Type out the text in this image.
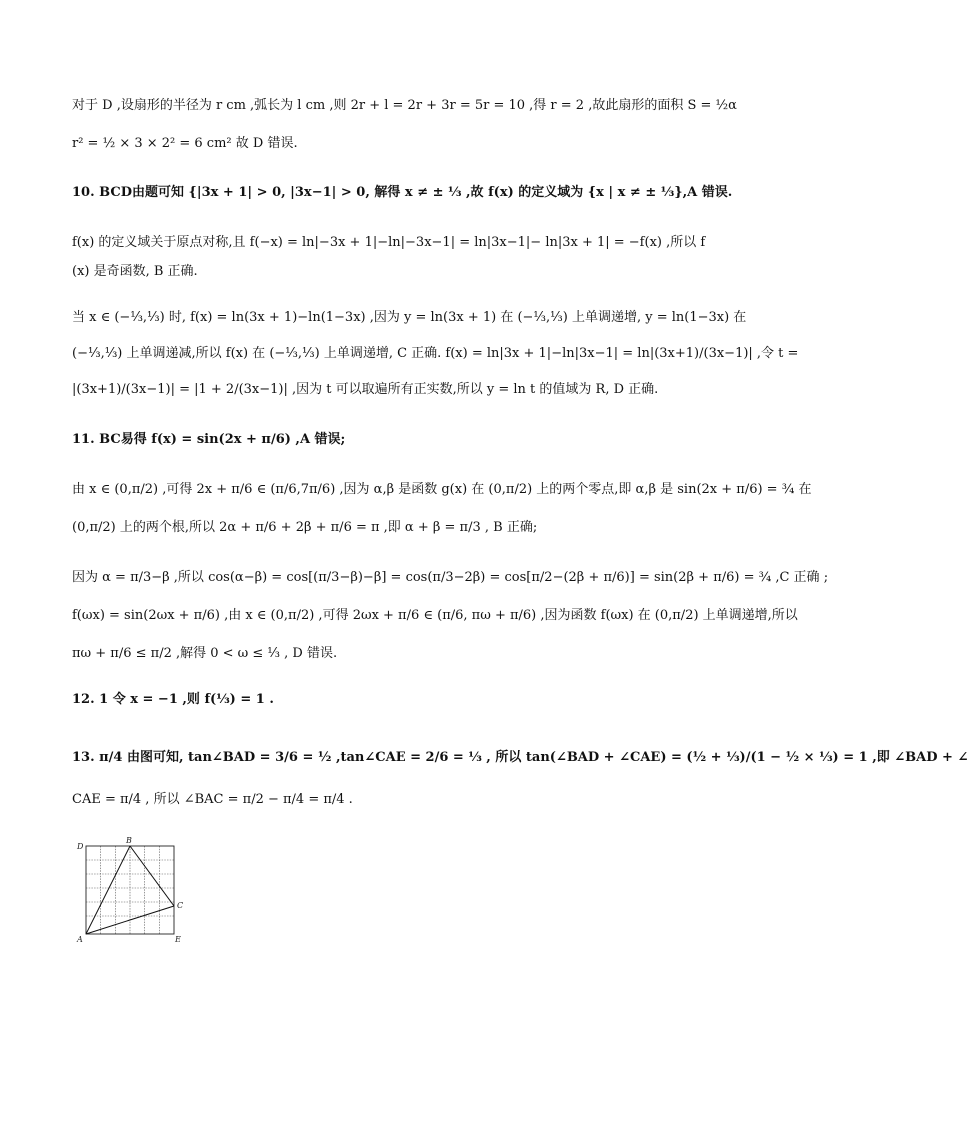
对于 D ,设扇形的半径为 r cm ,弧长为 l cm ,则 2r + l = 2r + 3r = 5r = 10 ,得 r = 2 ,故此扇形的面积 S = ½α
r² = ½ × 3 × 2² = 6 cm² 故 D 错误.
10. BCD由题可知 {|3x + 1| > 0, |3x−1| > 0, 解得 x ≠ ± ⅓ ,故 f(x) 的定义域为 {x | x ≠ ± ⅓},A 错误.
f(x) 的定义域关于原点对称,且 f(−x) = ln|−3x + 1|−ln|−3x−1| = ln|3x−1|− ln|3x + 1| = −f(x) ,所以 f
(x) 是奇函数, B 正确.
当 x ∈ (−⅓,⅓) 时, f(x) = ln(3x + 1)−ln(1−3x) ,因为 y = ln(3x + 1) 在 (−⅓,⅓) 上单调递增, y = ln(1−3x) 在
(−⅓,⅓) 上单调递减,所以 f(x) 在 (−⅓,⅓) 上单调递增, C 正确. f(x) = ln|3x + 1|−ln|3x−1| = ln|(3x+1)/(3x−1)| ,令 t =
|(3x+1)/(3x−1)| = |1 + 2/(3x−1)| ,因为 t 可以取遍所有正实数,所以 y = ln t 的值域为 R, D 正确.
11. BC易得 f(x) = sin(2x + π/6) ,A 错误;
由 x ∈ (0,π/2) ,可得 2x + π/6 ∈ (π/6,7π/6) ,因为 α,β 是函数 g(x) 在 (0,π/2) 上的两个零点,即 α,β 是 sin(2x + π/6) = ¾ 在
(0,π/2) 上的两个根,所以 2α + π/6 + 2β + π/6 = π ,即 α + β = π/3 , B 正确;
因为 α = π/3−β ,所以 cos(α−β) = cos[(π/3−β)−β] = cos(π/3−2β) = cos[π/2−(2β + π/6)] = sin(2β + π/6) = ¾ ,C 正确 ;
f(ωx) = sin(2ωx + π/6) ,由 x ∈ (0,π/2) ,可得 2ωx + π/6 ∈ (π/6, πω + π/6) ,因为函数 f(ωx) 在 (0,π/2) 上单调递增,所以
πω + π/6 ≤ π/2 ,解得 0 < ω ≤ ⅓ , D 错误.
12. 1 令 x = −1 ,则 f(⅓) = 1 .
13. π/4 由图可知, tan∠BAD = 3/6 = ½ ,tan∠CAE = 2/6 = ⅓ , 所以 tan(∠BAD + ∠CAE) = (½ + ⅓)/(1 − ½ × ⅓) = 1 ,即 ∠BAD + ∠
CAE = π/4 , 所以 ∠BAC = π/2 − π/4 = π/4 .
D
B
C
A	E
